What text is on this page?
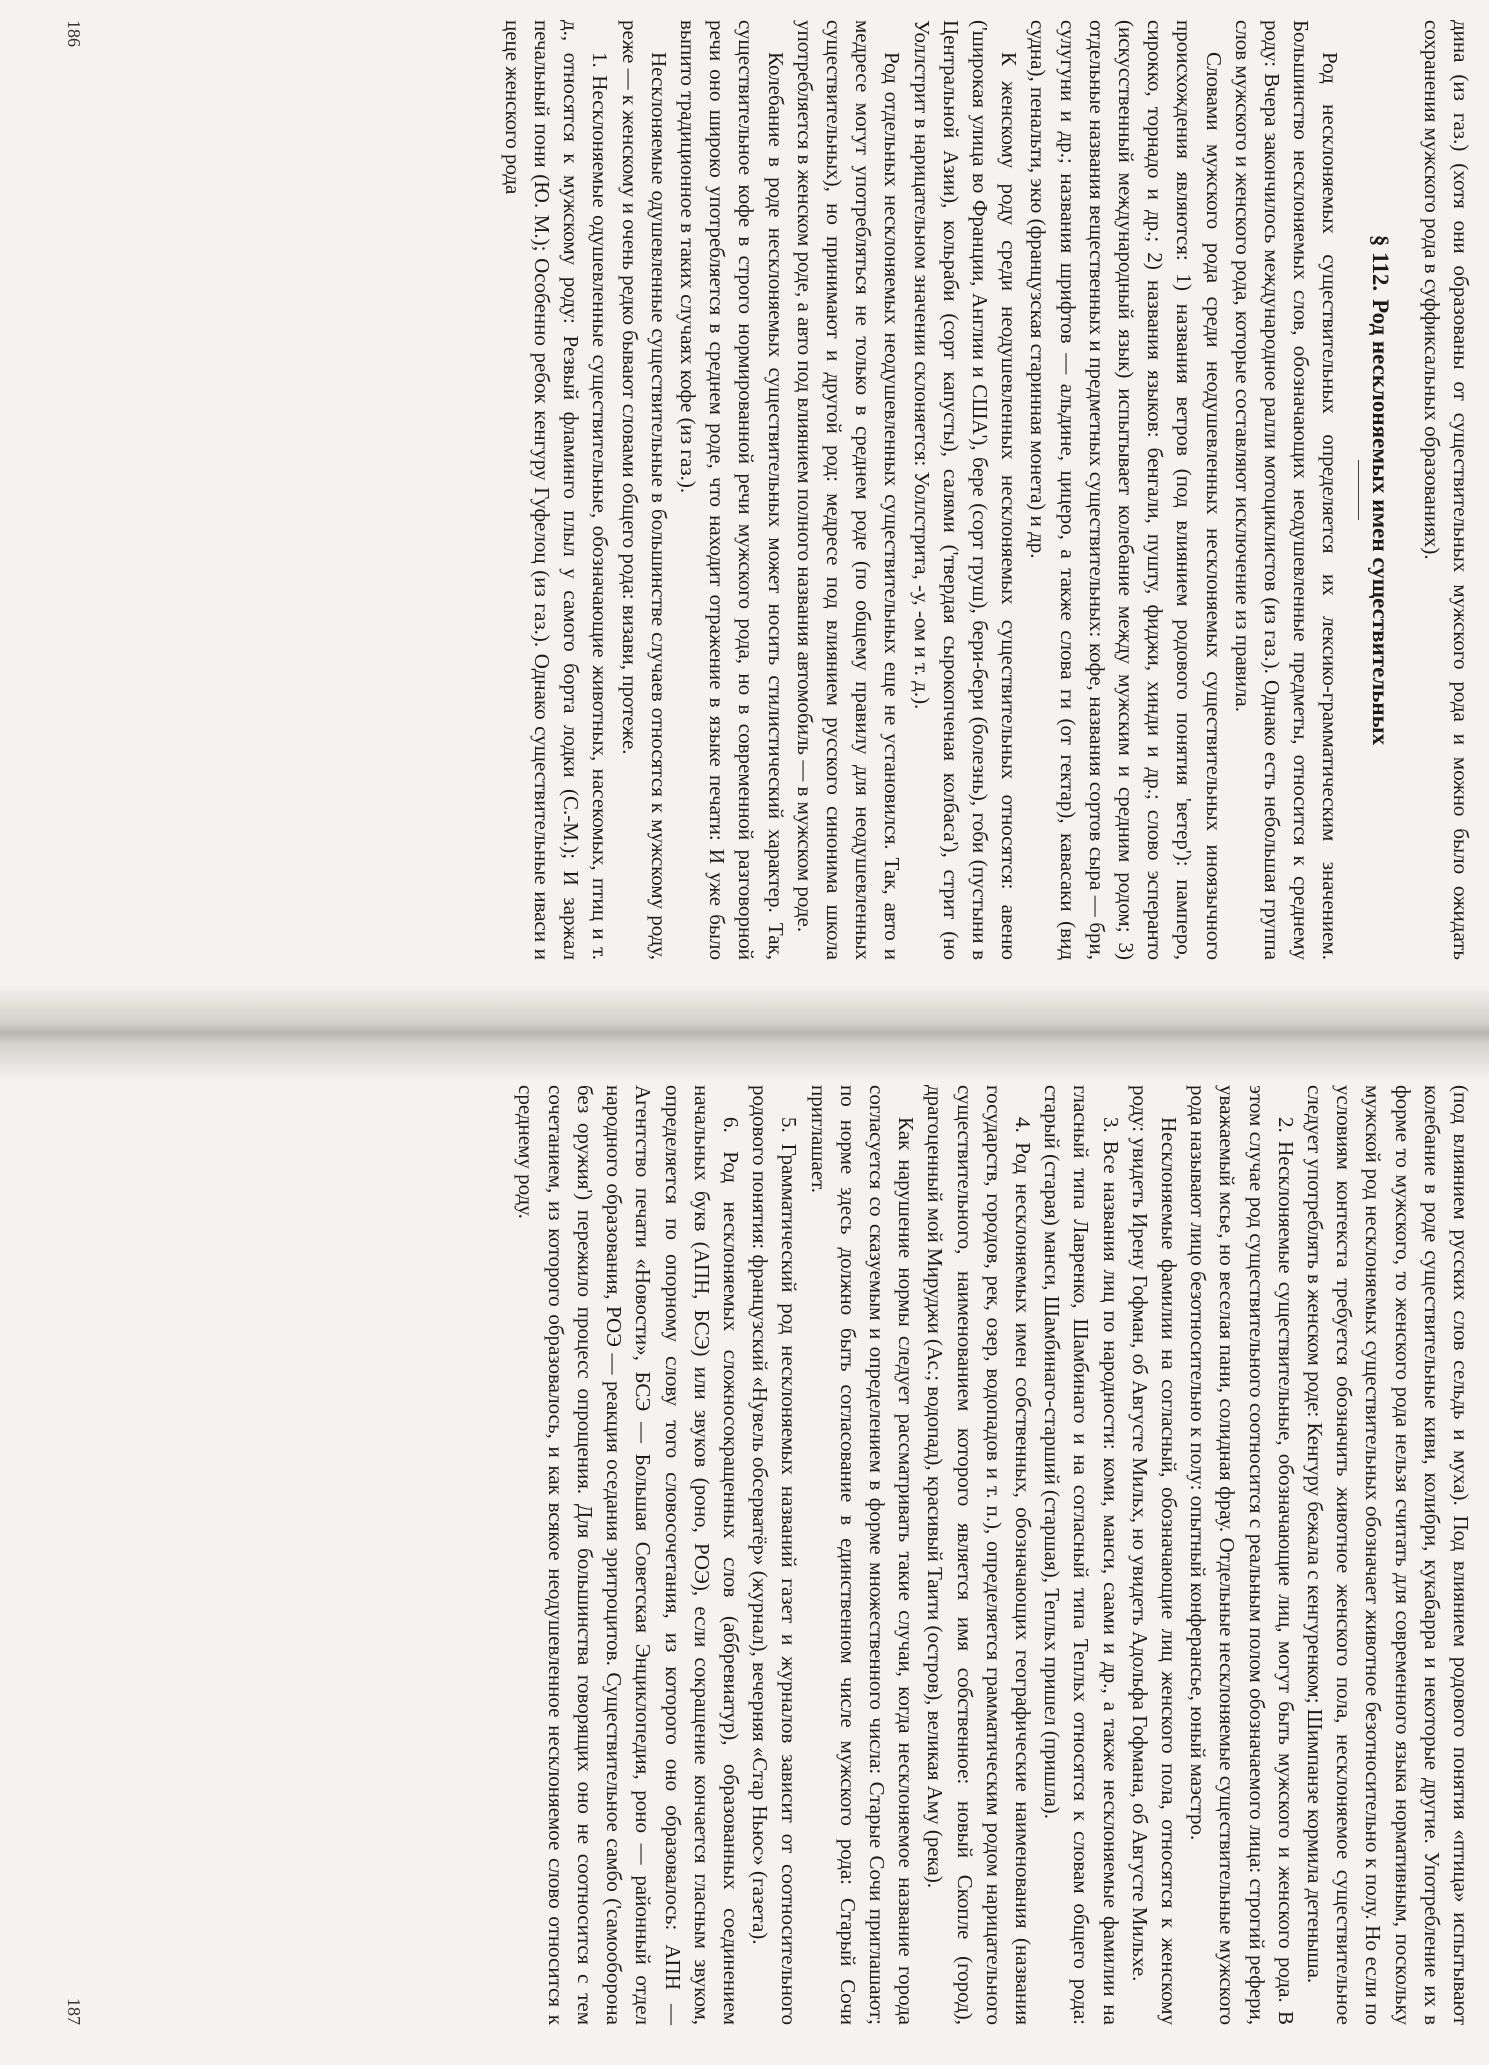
дина (из газ.) (хотя они образованы от существительных мужского рода и можно было ожидать сохранения мужского рода в суффиксальных образованиях).

§ 112.Род несклоняемых имен существительных

Род несклоняемых существительных определяется их лексико-грамматическим значением. Большинство несклоняемых слов, обозначающих неодушевленные предметы, относится к среднему роду: Вчера закончилось международное ралли мотоциклистов (из газ.). Однако есть небольшая группа слов мужского и женского рода, которые составляют исключение из правила.

Словами мужского рода среди неодушевленных несклоняемых существительных иноязычного происхождения являются: 1) названия ветров (под влиянием родового понятия 'ветер'): памперо, сирокко, торнадо и др.; 2) названия языков: бенгали, пушту, фиджи, хинди и др.; слово эсперанто (искусственный международный язык) испытывает колебание между мужским и средним родом; 3) отдельные названия вещественных и предметных существительных: кофе, названия сортов сыра — бри, сулугуни и др.; названия шрифтов — альдине, цицеро, а также слова ги (от гектар), кавасаки (вид судна), пенальти, экю (французская старинная монета) и др.

К женскому роду среди неодушевленных несклоняемых существительных относятся: авеню ('широкая улица во Франции, Англии и США'), бере (сорт груш), бери-бери (болезнь), гоби (пустыни в Центральной Азии), кольраби (сорт капусты), салями ('твердая сырокопченая колбаса'), стрит (но Уоллстрит в нарицательном значении склоняется: Уоллстрита, -у, -ом и т. д.).

Род отдельных несклоняемых неодушевленных существительных еще не установился. Так, авто и медресе могут употребляться не только в среднем роде (по общему правилу для неодушевленных существительных), но принимают и другой род: медресе под влиянием русского синонима школа употребляется в женском роде, а авто под влиянием полного названия автомобиль — в мужском роде.

Колебание в роде несклоняемых существительных может носить стилистический характер. Так, существительное кофе в строго нормированной речи мужского рода, но в современной разговорной речи оно широко употребляется в среднем роде, что находит отражение в языке печати: И уже было выпито традиционное в таких случаях кофе (из газ.).

Несклоняемые одушевленные существительные в большинстве случаев относятся к мужскому роду, реже — к женскому и очень редко бывают словами общего рода: визави, протеже.

1. Несклоняемые одушевленные существительные, обозначающие животных, насекомых, птиц и т. д., относятся к мужскому роду: Резвый фламинго плыл у самого борта лодки (С.-М.); И заржал печальный пони (Ю. М.); Особенно ребок кенгуру Гуфелоц (из газ.). Однако существительные иваси и цеце женского рода

186

(под влиянием русских слов сельдь и муха). Под влиянием родового понятия «птица» испытывают колебание в роде существительные киви, колибри, кукабарра и некоторые другие. Употребление их в форме то мужского, то женского рода нельзя считать для современного языка нормативным, поскольку мужской род несклоняемых существительных обозначает животное безотносительно к полу. Но если по условиям контекста требуется обозначить животное женского пола, несклоняемое существительное следует употреблять в женском роде: Кенгуру бежала с кенгуренком; Шимпанзе кормила детеныша.

2. Несклоняемые существительные, обозначающие лиц, могут быть мужского и женского рода. В этом случае род существительного соотносится с реальным полом обозначаемого лица: строгий рефери, уважаемый мсье, но веселая пани, солидная фрау. Отдельные несклоняемые существительные мужского рода называют лицо безотносительно к полу: опытный конферансье, юный маэстро.

Несклоняемые фамилии на согласный, обозначающие лиц женского пола, относятся к женскому роду: увидеть Ирену Гофман, об Августе Мильх, но увидеть Адольфа Гофмана, об Августе Мильхе.

3. Все названия лиц по народности: коми, манси, саами и др., а также несклоняемые фамилии на гласный типа Лавренко, Шамбинаго и на согласный типа Тепльх относятся к словам общего рода: старый (старая) манси, Шамбинаго-старший (старшая), Тепльх пришел (пришла).

4. Род несклоняемых имен собственных, обозначающих географические наименования (названия государств, городов, рек, озер, водопадов и т. п.), определяется грамматическим родом нарицательного существительного, наименованием которого является имя собственное: новый Скопле (город), драгоценный мой Мируджи (Ас.; водопад), красивый Таити (остров), великая Аму (река).

Как нарушение нормы следует рассматривать такие случаи, когда несклоняемое название города согласуется со сказуемым и определением в форме множественного числа: Старые Сочи приглашают; по норме здесь должно быть согласование в единственном числе мужского рода: Старый Сочи приглашает.

5. Грамматический род несклоняемых названий газет и журналов зависит от соотносительного родового понятия: французский «Нувель обсерватёр» (журнал), вечерняя «Стар Ньюс» (газета).

6. Род несклоняемых сложносокращенных слов (аббревиатур), образованных соединением начальных букв (АПН, БСЭ) или звуков (роно, РОЭ), если сокращение кончается гласным звуком, определяется по опорному слову того словосочетания, из которого оно образовалось: АПН — Агентство печати «Новости», БСЭ — Большая Советская Энциклопедия, роно — районный отдел народного образования, РОЭ — реакция оседания эритроцитов. Существительное самбо ('самооборона без оружия') пережило процесс опрощения. Для большинства говорящих оно не соотносится с тем сочетанием, из которого образовалось, и как всякое неодушевленное несклоняемое слово относится к среднему роду.

187
